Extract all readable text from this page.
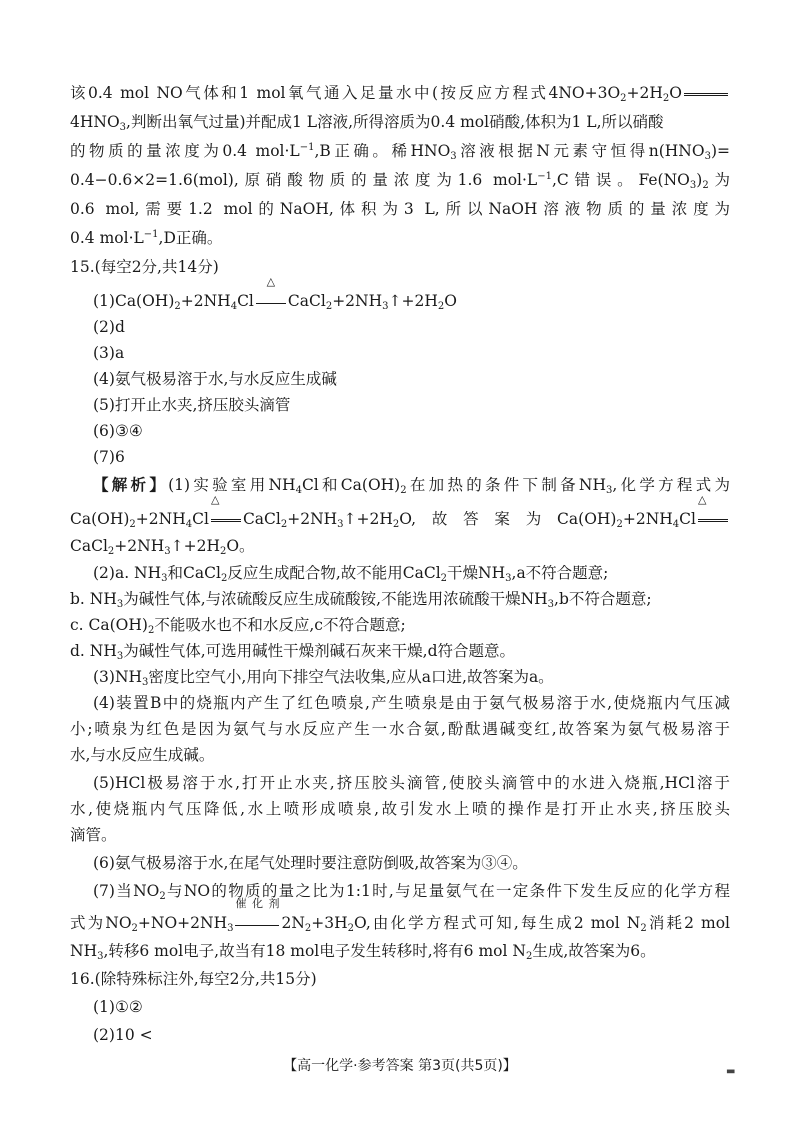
该0.4 mol NO气体和1 mol氧气通入足量水中(按反应方程式$4NO+3O_2+2H_2O$
$4HNO_3$,判断出氧气过量)并配成1 L溶液,所得溶质为0.4 mol硝酸,体积为1 L,所以硝酸
的物质的量浓度为0.4 $mol\cdot L^{-1},B$正确。稀$HNO_3$溶液根据N元素守恒得$n(HNO_3)=$
0.4−0.6×2=1.6(mol),原硝酸物质的量浓度为1.6 $mol\cdot L^{-1},C$错误。$Fe(NO_3)_2$为
0.6 mol,需要1.2 mol的NaOH,体积为3 L,所以NaOH溶液物质的量浓度为
0.4 $mol\cdot L^{-1},D$正确。
15.(每空2分,共14分)
$(1)Ca(OH)_2+2NH_4Cl$
△
$CaCl_2+2NH_3↑+2H_2O$
(2)d
(3)a
(4)氨气极易溶于水,与水反应生成碱
(5)打开止水夹,挤压胶头滴管
(6)③④
(7)6
【解析】(1)实验室用$NH_4Cl$和$Ca(OH)_2$在加热的条件下制备$NH_3$,化学方程式为
$Ca(OH)_2+2NH_4Cl$
△
$CaCl_2+2NH_3↑+2H_2O$,故答案为$Ca(OH)_2+2NH_4Cl$
△
$CaCl_2+2NH_3↑+2H_2O$。
(2)a. $NH_3$和CaCl$_2$反应生成配合物,故不能用CaCl$_2$干燥$NH_3,a$不符合题意;
b. $NH_3$为碱性气体,与浓硫酸反应生成硫酸铵,不能选用浓硫酸干燥$NH_3,b$不符合题意;
c. $Ca(OH)_2$不能吸水也不和水反应,c不符合题意;
d. $NH_3$为碱性气体,可选用碱性干燥剂碱石灰来干燥,d符合题意。
$(3)NH_3$密度比空气小,用向下排空气法收集,应从a口进,故答案为a。
(4)装置B中的烧瓶内产生了红色喷泉,产生喷泉是由于氨气极易溶于水,使烧瓶内气压减
小;喷泉为红色是因为氨气与水反应产生一水合氨,酚酞遇碱变红,故答案为氨气极易溶于
水,与水反应生成碱。
(5)HCl极易溶于水,打开止水夹,挤压胶头滴管,使胶头滴管中的水进入烧瓶,HCl溶于
水,使烧瓶内气压降低,水上喷形成喷泉,故引发水上喷的操作是打开止水夹,挤压胶头
滴管。
(6)氨气极易溶于水,在尾气处理时要注意防倒吸,故答案为③④。
(7)当$NO_2$与NO的物质的量之比为1:1时,与足量氨气在一定条件下发生反应的化学方程
式为$NO_2+NO+2NH_3$
催化剂
$2N_2+3H_2O$,由化学方程式可知,每生成2 mol $N_2$消耗2 mol
$NH_3$,转移6 mol电子,故当有18 mol电子发生转移时,将有6 mol $N_2$生成,故答案为6。
16.(除特殊标注外,每空2分,共15分)
(1)①②
(2)10 <
【高一化学·参考答案 第3页(共5页)】	▬
